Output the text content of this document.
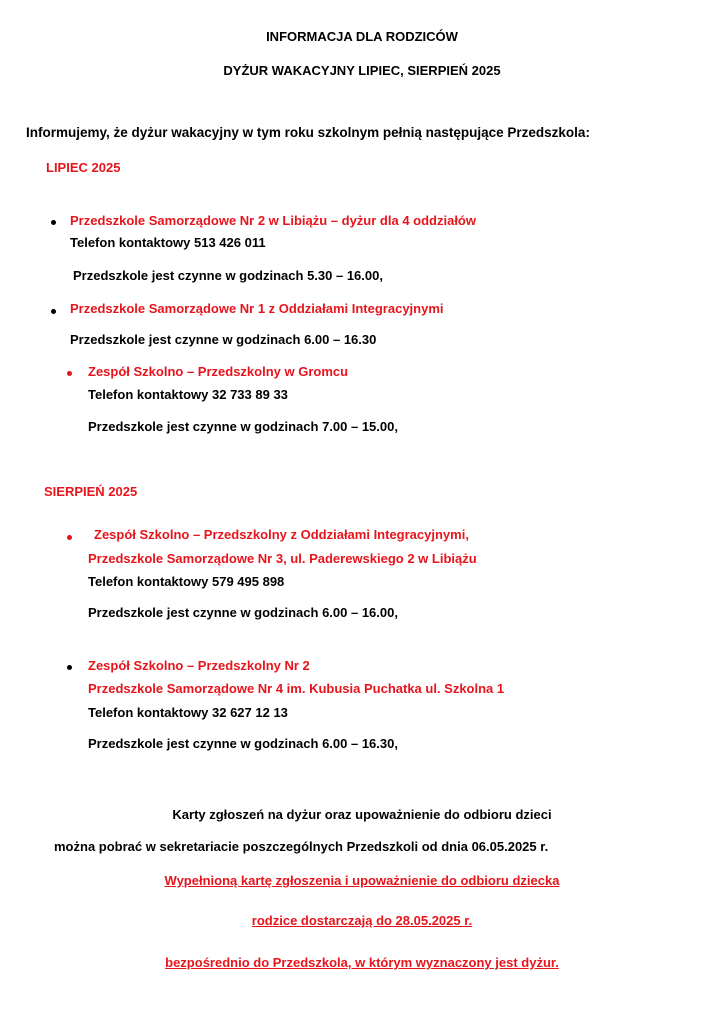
INFORMACJA DLA RODZICÓW
DYŻUR WAKACYJNY LIPIEC, SIERPIEŃ 2025
Informujemy, że dyżur wakacyjny w tym roku szkolnym pełnią następujące Przedszkola:
LIPIEC 2025
Przedszkole Samorządowe Nr 2 w Libiążu – dyżur dla 4 oddziałów
Telefon kontaktowy 513 426 011
Przedszkole jest czynne w godzinach 5.30 – 16.00,
Przedszkole Samorządowe Nr 1 z Oddziałami Integracyjnymi
Przedszkole jest czynne w godzinach 6.00 – 16.30
Zespół Szkolno – Przedszkolny w Gromcu
Telefon kontaktowy 32 733 89 33
Przedszkole jest czynne w godzinach 7.00 – 15.00,
SIERPIEŃ 2025
Zespół Szkolno – Przedszkolny z Oddziałami Integracyjnymi,
Przedszkole Samorządowe Nr 3, ul. Paderewskiego 2 w Libiążu
Telefon kontaktowy 579 495 898
Przedszkole jest czynne w godzinach 6.00 – 16.00,
Zespół Szkolno – Przedszkolny Nr 2
Przedszkole Samorządowe Nr 4 im. Kubusia Puchatka ul. Szkolna 1
Telefon kontaktowy 32 627 12 13
Przedszkole jest czynne w godzinach 6.00 – 16.30,
Karty zgłoszeń na dyżur oraz upoważnienie do odbioru dzieci
można pobrać w sekretariacie poszczególnych Przedszkoli od dnia 06.05.2025 r.
Wypełnioną kartę zgłoszenia i upoważnienie do odbioru dziecka
rodzice dostarczają do 28.05.2025 r.
bezpośrednio do Przedszkola, w którym wyznaczony jest dyżur.
